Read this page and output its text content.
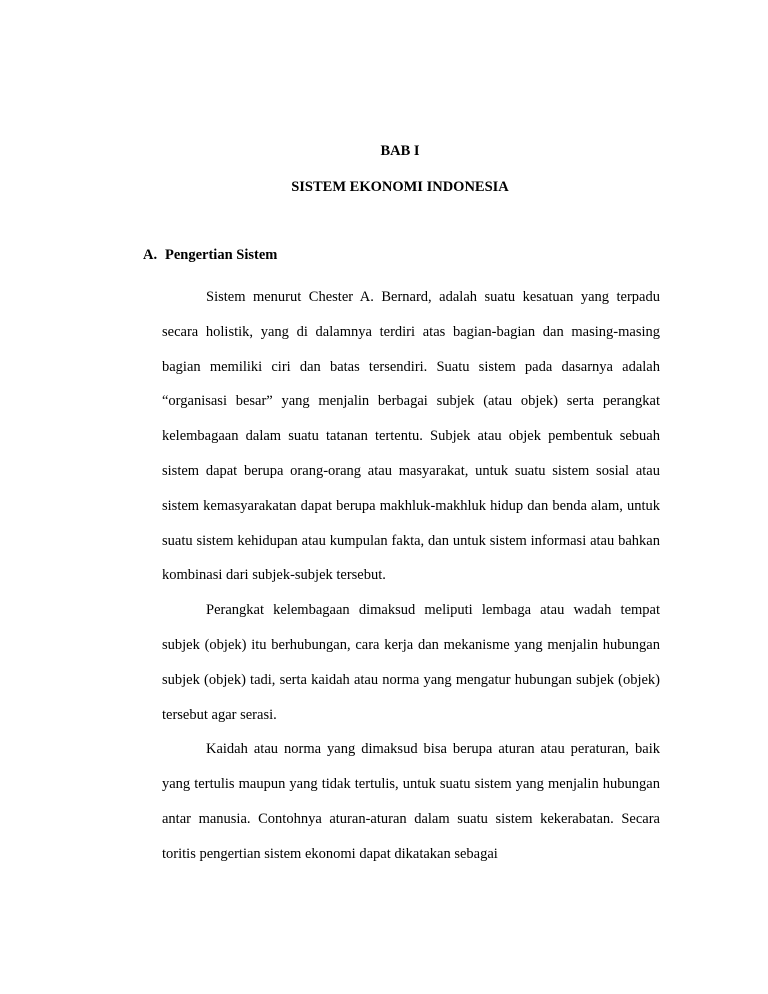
BAB I

SISTEM EKONOMI INDONESIA

A. Pengertian Sistem

Sistem menurut Chester A. Bernard, adalah suatu kesatuan yang terpadu secara holistik, yang di dalamnya terdiri atas bagian-bagian dan masing-masing bagian memiliki ciri dan batas tersendiri. Suatu sistem pada dasarnya adalah “organisasi besar” yang menjalin berbagai subjek (atau objek) serta perangkat kelembagaan dalam suatu tatanan tertentu. Subjek atau objek pembentuk sebuah sistem dapat berupa orang-orang atau masyarakat, untuk suatu sistem sosial atau sistem kemasyarakatan dapat berupa makhluk-makhluk hidup dan benda alam, untuk suatu sistem kehidupan atau kumpulan fakta, dan untuk sistem informasi atau bahkan kombinasi dari subjek-subjek tersebut.

Perangkat kelembagaan dimaksud meliputi lembaga atau wadah tempat subjek (objek) itu berhubungan, cara kerja dan mekanisme yang menjalin hubungan subjek (objek) tadi, serta kaidah atau norma yang mengatur hubungan subjek (objek) tersebut agar serasi.

Kaidah atau norma yang dimaksud bisa berupa aturan atau peraturan, baik yang tertulis maupun yang tidak tertulis, untuk suatu sistem yang menjalin hubungan antar manusia. Contohnya aturan-aturan dalam suatu sistem kekerabatan. Secara toritis pengertian sistem ekonomi dapat dikatakan sebagai
